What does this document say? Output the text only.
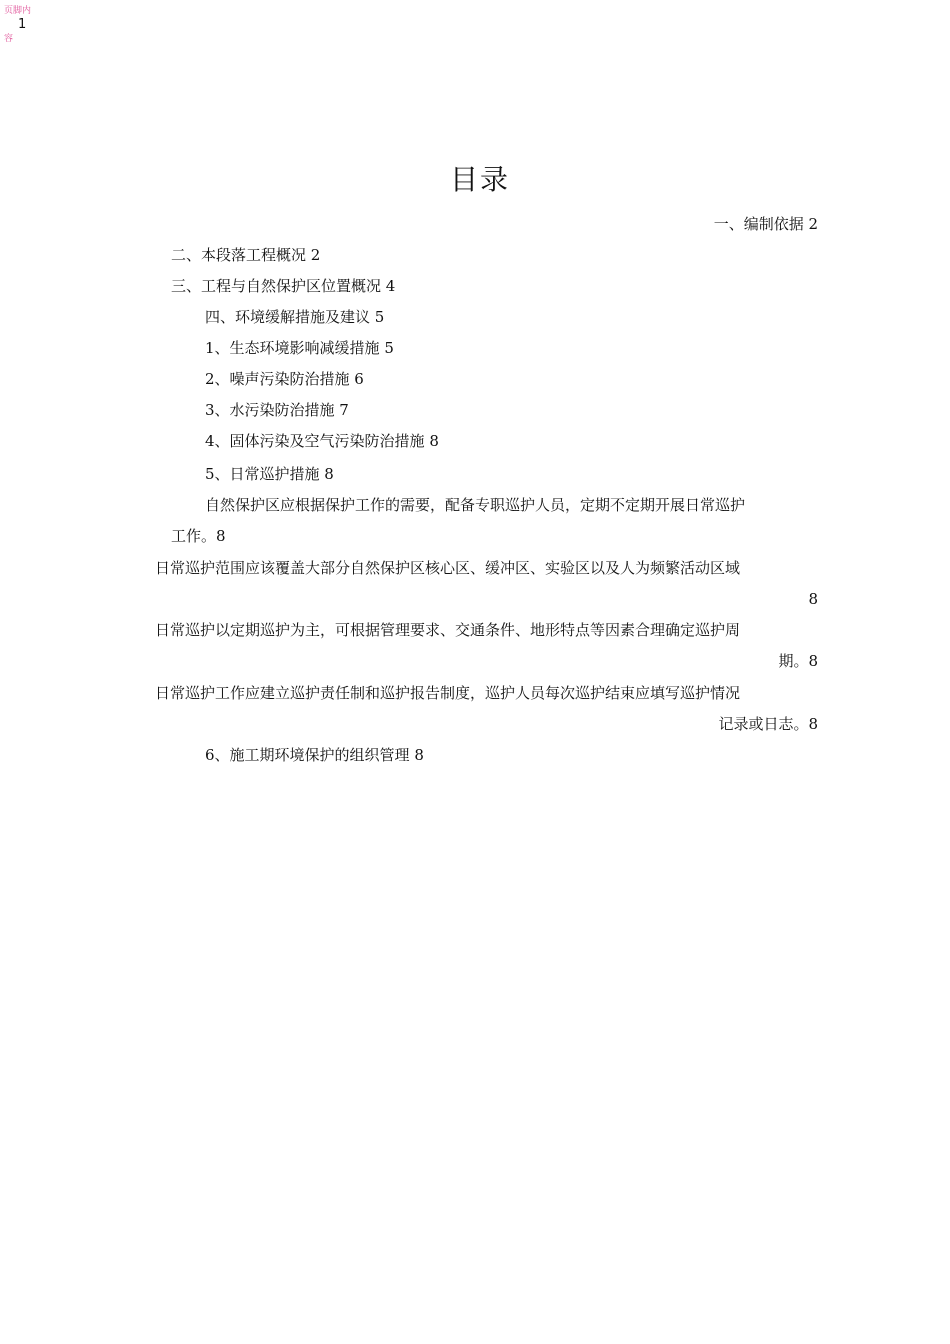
页脚内
容
1
目录
一、编制依据 2
二、本段落工程概况 2
三、工程与自然保护区位置概况 4
四、环境缓解措施及建议 5
1、生态环境影响减缓措施 5
2、噪声污染防治措施 6
3、水污染防治措施 7
4、固体污染及空气污染防治措施 8
5、日常巡护措施 8
自然保护区应根据保护工作的需要，配备专职巡护人员，定期不定期开展日常巡护
工作。8
日常巡护范围应该覆盖大部分自然保护区核心区、缓冲区、实验区以及人为频繁活动区域
8
日常巡护以定期巡护为主，可根据管理要求、交通条件、地形特点等因素合理确定巡护周
期。8
日常巡护工作应建立巡护责任制和巡护报告制度，巡护人员每次巡护结束应填写巡护情况
记录或日志。8
6、施工期环境保护的组织管理 8
